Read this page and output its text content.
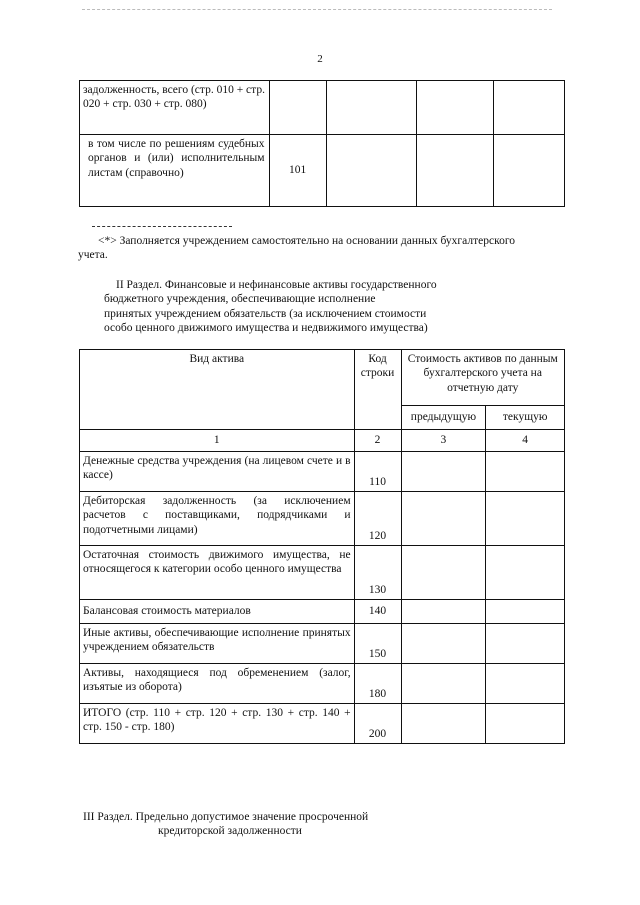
2
задолженность, всего (стр. 010 + стр. 020 + стр. 030 + стр. 080)				
в том числе по решениям судебных органов и (или) исполнительным листам (справочно)	101			

<*> Заполняется учреждением самостоятельно на основании данных бухгалтерского учета.

II Раздел. Финансовые и нефинансовые активы государственного

бюджетного учреждения, обеспечивающие исполнение

принятых учреждением обязательств (за исключением стоимости

особо ценного движимого имущества и недвижимого имущества)

Вид актива	Код строки	Стоимость активов по данным бухгалтерского учета на отчетную дату	
		предыдущую	текущую
1	2	3	4
Денежные средства учреждения (на лицевом счете и в кассе)	110		
Дебиторская задолженность (за исключением расчетов с поставщиками, подрядчиками и подотчетными лицами)	120		
Остаточная стоимость движимого имущества, не относящегося к категории особо ценного имущества	130		
Балансовая стоимость материалов	140		
Иные активы, обеспечивающие исполнение принятых учреждением обязательств	150		
Активы, находящиеся под обременением (залог, изъятые из оборота)	180		
ИТОГО (стр. 110 + стр. 120 + стр. 130 + стр. 140 + стр. 150 - стр. 180)	200		

III Раздел. Предельно допустимое значение просроченной

кредиторской задолженности
